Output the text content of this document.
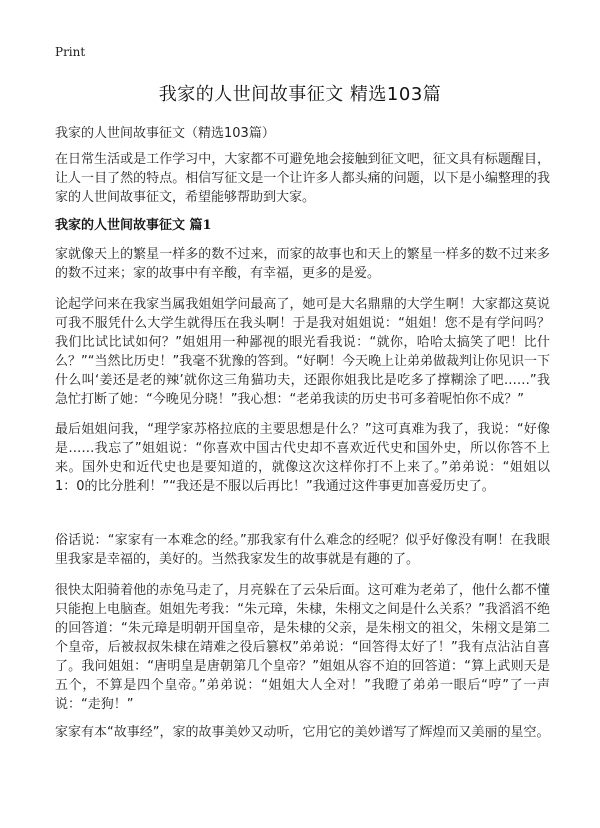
Print
我家的人世间故事征文 精选103篇
我家的人世间故事征文（精选103篇）
在日常生活或是工作学习中，大家都不可避免地会接触到征文吧，征文具有标题醒目，让人一目了然的特点。相信写征文是一个让许多人都头痛的问题，以下是小编整理的我家的人世间故事征文，希望能够帮助到大家。
我家的人世间故事征文 篇1
家就像天上的繁星一样多的数不过来，而家的故事也和天上的繁星一样多的数不过来多的数不过来；家的故事中有辛酸，有幸福，更多的是爱。
论起学问来在我家当属我姐姐学问最高了，她可是大名鼎鼎的大学生啊！大家都这莫说可我不服凭什么大学生就得压在我头啊！于是我对姐姐说：“姐姐！您不是有学问吗？我们比试比试如何？”姐姐用一种鄙视的眼光看我说：“就你，哈哈太搞笑了吧！比什么？”“当然比历史！”我毫不犹豫的答到。“好啊！今天晚上让弟弟做裁判让你见识一下什么叫‘姜还是老的辣’就你这三角猫功夫，还跟你姐我比是吃多了撑糊涂了吧……”我急忙打断了她：“今晚见分晓！”我心想：“老弟我读的历史书可多着呢怕你不成？”
最后姐姐问我，“理学家苏格拉底的主要思想是什么？”这可真难为我了，我说：“好像是……我忘了”姐姐说：“你喜欢中国古代史却不喜欢近代史和国外史，所以你答不上来。国外史和近代史也是要知道的，就像这次这样你打不上来了。”弟弟说：“姐姐以1：0的比分胜利！”“我还是不服以后再比！”我通过这件事更加喜爱历史了。
俗话说：“家家有一本难念的经。”那我家有什么难念的经呢？似乎好像没有啊！在我眼里我家是幸福的，美好的。当然我家发生的故事就是有趣的了。
很快太阳骑着他的赤兔马走了，月亮躲在了云朵后面。这可难为老弟了，他什么都不懂只能抱上电脑查。姐姐先考我：“朱元璋，朱棣，朱栩文之间是什么关系？”我滔滔不绝的回答道：“朱元璋是明朝开国皇帝，是朱棣的父亲，是朱栩文的祖父，朱栩文是第二个皇帝，后被叔叔朱棣在靖难之役后篡权”弟弟说：“回答得太好了！”我有点沾沾自喜了。我问姐姐：“唐明皇是唐朝第几个皇帝？”姐姐从容不迫的回答道：“算上武则天是五个，不算是四个皇帝。”弟弟说：“姐姐大人全对！”我瞪了弟弟一眼后“哼”了一声说：“走狗！”
家家有本“故事经”，家的故事美妙又动听，它用它的美妙谱写了辉煌而又美丽的星空。
